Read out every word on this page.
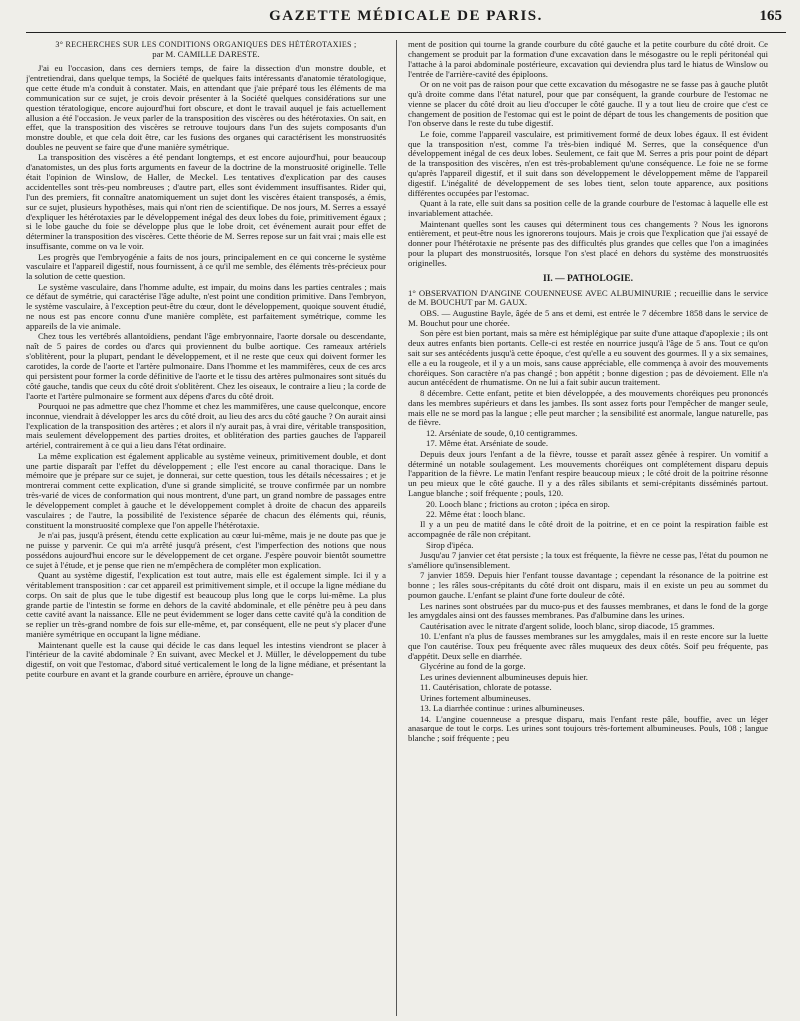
GAZETTE MÉDICALE DE PARIS.	165

3° RECHERCHES SUR LES CONDITIONS ORGANIQUES DES HÉTÉROTAXIES ;

par M. CAMILLE DARESTE.

J'ai eu l'occasion, dans ces derniers temps, de faire la dissection d'un monstre double, et j'entretiendrai, dans quelque temps, la Société de quelques faits intéressants d'anatomie tératologique, que cette étude m'a conduit à constater. Mais, en attendant que j'aie préparé tous les éléments de ma communication sur ce sujet, je crois devoir présenter à la Société quelques considérations sur une question tératologique, encore aujourd'hui fort obscure, et dont le travail auquel je fais actuellement allusion a été l'occasion. Je veux parler de la transposition des viscères ou des hétérotaxies. On sait, en effet, que la transposition des viscères se retrouve toujours dans l'un des sujets composants d'un monstre double, et que cela doit être, car les fusions des organes qui caractérisent les monstruosités doubles ne peuvent se faire que d'une manière symétrique.

La transposition des viscères a été pendant longtemps, et est encore aujourd'hui, pour beaucoup d'anatomistes, un des plus forts arguments en faveur de la doctrine de la monstruosité originelle. Telle était l'opinion de Winslow, de Haller, de Meckel. Les tentatives d'explication par des causes accidentelles sont très-peu nombreuses ; d'autre part, elles sont évidemment insuffisantes. Rider qui, l'un des premiers, fit connaître anatomiquement un sujet dont les viscères étaient transposés, a émis, sur ce sujet, plusieurs hypothèses, mais qui n'ont rien de scientifique. De nos jours, M. Serres a essayé d'expliquer les hétérotaxies par le développement inégal des deux lobes du foie, primitivement égaux ; si le lobe gauche du foie se développe plus que le lobe droit, cet événement aurait pour effet de déterminer la transposition des viscères. Cette théorie de M. Serres repose sur un fait vrai ; mais elle est insuffisante, comme on va le voir.

Les progrès que l'embryogénie a faits de nos jours, principalement en ce qui concerne le système vasculaire et l'appareil digestif, nous fournissent, à ce qu'il me semble, des éléments très-précieux pour la solution de cette question.

Le système vasculaire, dans l'homme adulte, est impair, du moins dans les parties centrales ; mais ce défaut de symétrie, qui caractérise l'âge adulte, n'est point une condition primitive. Dans l'embryon, le système vasculaire, à l'exception peut-être du cœur, dont le développement, quoique souvent étudié, ne nous est pas encore connu d'une manière complète, est parfaitement symétrique, comme les appareils de la vie animale.

Chez tous les vertébrés allantoïdiens, pendant l'âge embryonnaire, l'aorte dorsale ou descendante, naît de 5 paires de cordes ou d'arcs qui proviennent du bulbe aortique. Ces rameaux artériels s'oblitèrent, pour la plupart, pendant le développement, et il ne reste que ceux qui doivent former les carotides, la corde de l'aorte et l'artère pulmonaire. Dans l'homme et les mammifères, ceux de ces arcs qui persistent pour former la corde définitive de l'aorte et le tissu des artères pulmonaires sont situés du côté gauche, tandis que ceux du côté droit s'oblitèrent. Chez les oiseaux, le contraire a lieu ; la corde de l'aorte et l'artère pulmonaire se forment aux dépens d'arcs du côté droit.

Pourquoi ne pas admettre que chez l'homme et chez les mammifères, une cause quelconque, encore inconnue, viendrait à développer les arcs du côté droit, au lieu des arcs du côté gauche ? On aurait ainsi l'explication de la transposition des artères ; et alors il n'y aurait pas, à vrai dire, véritable transposition, mais seulement développement des parties droites, et oblitération des parties gauches de l'appareil artériel, contrairement à ce qui a lieu dans l'état ordinaire.

La même explication est également applicable au système veineux, primitivement double, et dont une partie disparaît par l'effet du développement ; elle l'est encore au canal thoracique. Dans le mémoire que je prépare sur ce sujet, je donnerai, sur cette question, tous les détails nécessaires ; et je montrerai comment cette explication, d'une si grande simplicité, se trouve confirmée par un nombre très-varié de vices de conformation qui nous montrent, d'une part, un grand nombre de passages entre le développement complet à gauche et le développement complet à droite de chacun des appareils vasculaires ; de l'autre, la possibilité de l'existence séparée de chacun des éléments qui, réunis, constituent la monstruosité complexe que l'on appelle l'hétérotaxie.

Je n'ai pas, jusqu'à présent, étendu cette explication au cœur lui-même, mais je ne doute pas que je ne puisse y parvenir. Ce qui m'a arrêté jusqu'à présent, c'est l'imperfection des notions que nous possédons aujourd'hui encore sur le développement de cet organe. J'espère pouvoir bientôt soumettre ce sujet à l'étude, et je pense que rien ne m'empêchera de compléter mon explication.

Quant au système digestif, l'explication est tout autre, mais elle est également simple. Ici il y a véritablement transposition : car cet appareil est primitivement simple, et il occupe la ligne médiane du corps. On sait de plus que le tube digestif est beaucoup plus long que le corps lui-même. La plus grande partie de l'intestin se forme en dehors de la cavité abdominale, et elle pénètre peu à peu dans cette cavité avant la naissance. Elle ne peut évidemment se loger dans cette cavité qu'à la condition de se replier un très-grand nombre de fois sur elle-même, et, par conséquent, elle ne peut s'y placer d'une manière symétrique en occupant la ligne médiane.

Maintenant quelle est la cause qui décide le cas dans lequel les intestins viendront se placer à l'intérieur de la cavité abdominale ? En suivant, avec Meckel et J. Müller, le développement du tube digestif, on voit que l'estomac, d'abord situé verticalement le long de la ligne médiane, et présentant la petite courbure en avant et la grande courbure en arrière, éprouve un change-

ment de position qui tourne la grande courbure du côté gauche et la petite courbure du côté droit. Ce changement se produit par la formation d'une excavation dans le mésogastre ou le repli péritonéal qui l'attache à la paroi abdominale postérieure, excavation qui deviendra plus tard le hiatus de Winslow ou l'entrée de l'arrière-cavité des épiploons.

Or on ne voit pas de raison pour que cette excavation du mésogastre ne se fasse pas à gauche plutôt qu'à droite comme dans l'état naturel, pour que par conséquent, la grande courbure de l'estomac ne vienne se placer du côté droit au lieu d'occuper le côté gauche. Il y a tout lieu de croire que c'est ce changement de position de l'estomac qui est le point de départ de tous les changements de position que l'on observe dans le reste du tube digestif.

Le foie, comme l'appareil vasculaire, est primitivement formé de deux lobes égaux. Il est évident que la transposition n'est, comme l'a très-bien indiqué M. Serres, que la conséquence d'un développement inégal de ces deux lobes. Seulement, ce fait que M. Serres a pris pour point de départ de la transposition des viscères, n'en est très-probablement qu'une conséquence. Le foie ne se forme qu'après l'appareil digestif, et il suit dans son développement le développement même de l'appareil digestif. L'inégalité de développement de ses lobes tient, selon toute apparence, aux positions différentes occupées par l'estomac.

Quant à la rate, elle suit dans sa position celle de la grande courbure de l'estomac à laquelle elle est invariablement attachée.

Maintenant quelles sont les causes qui déterminent tous ces changements ? Nous les ignorons entièrement, et peut-être nous les ignorerons toujours. Mais je crois que l'explication que j'ai essayé de donner pour l'hétérotaxie ne présente pas des difficultés plus grandes que celles que l'on a imaginées pour la plupart des monstruosités, lorsque l'on s'est placé en dehors du système des monstruosités originelles.

II. — PATHOLOGIE.

1° OBSERVATION D'ANGINE COUENNEUSE AVEC ALBUMINURIE ; recueillie dans le service de M. BOUCHUT par M. GAUX.

OBS. — Augustine Bayle, âgée de 5 ans et demi, est entrée le 7 décembre 1858 dans le service de M. Bouchut pour une chorée.

Son père est bien portant, mais sa mère est hémiplégique par suite d'une attaque d'apoplexie ; ils ont deux autres enfants bien portants. Celle-ci est restée en nourrice jusqu'à l'âge de 5 ans. Tout ce qu'on sait sur ses antécédents jusqu'à cette époque, c'est qu'elle a eu souvent des gourmes. Il y a six semaines, elle a eu la rougeole, et il y a un mois, sans cause appréciable, elle commença à avoir des mouvements choréiques. Son caractère n'a pas changé ; bon appétit ; bonne digestion ; pas de dévoiement. Elle n'a aucun antécédent de rhumatisme. On ne lui a fait subir aucun traitement.

8 décembre. Cette enfant, petite et bien développée, a des mouvements choréiques peu prononcés dans les membres supérieurs et dans les jambes. Ils sont assez forts pour l'empêcher de manger seule, mais elle ne se mord pas la langue ; elle peut marcher ; la sensibilité est anormale, langue naturelle, pas de fièvre.

12. Arséniate de soude, 0,10 centigrammes.

17. Même état. Arséniate de soude.

Depuis deux jours l'enfant a de la fièvre, tousse et paraît assez gênée à respirer. Un vomitif a déterminé un notable soulagement. Les mouvements choréiques ont complétement disparu depuis l'apparition de la fièvre. Le matin l'enfant respire beaucoup mieux ; le côté droit de la poitrine résonne un peu mieux que le côté gauche. Il y a des râles sibilants et semi-crépitants disséminés partout. Langue blanche ; soif fréquente ; pouls, 120.

20. Looch blanc ; frictions au croton ; ipéca en sirop.

22. Même état : looch blanc.

Il y a un peu de matité dans le côté droit de la poitrine, et en ce point la respiration faible est accompagnée de râle non crépitant.

Sirop d'ipéca.

Jusqu'au 7 janvier cet état persiste ; la toux est fréquente, la fièvre ne cesse pas, l'état du poumon ne s'améliore qu'insensiblement.

7 janvier 1859. Depuis hier l'enfant tousse davantage ; cependant la résonance de la poitrine est bonne ; les râles sous-crépitants du côté droit ont disparu, mais il en existe un peu au sommet du poumon gauche. L'enfant se plaint d'une forte douleur de côté.

Les narines sont obstruées par du muco-pus et des fausses membranes, et dans le fond de la gorge les amygdales ainsi ont des fausses membranes. Pas d'albumine dans les urines.

Cautérisation avec le nitrate d'argent solide, looch blanc, sirop diacode, 15 grammes.

10. L'enfant n'a plus de fausses membranes sur les amygdales, mais il en reste encore sur la luette que l'on cautérise. Toux peu fréquente avec râles muqueux des deux côtés. Soif peu fréquente, pas d'appétit. Deux selle en diarrhée.

Glycérine au fond de la gorge.

Les urines deviennent albumineuses depuis hier.

11. Cautérisation, chlorate de potasse.

Urines fortement albumineuses.

13. La diarrhée continue : urines albumineuses.

14. L'angine couenneuse a presque disparu, mais l'enfant reste pâle, bouffie, avec un léger anasarque de tout le corps. Les urines sont toujours très-fortement albumineuses. Pouls, 108 ; langue blanche ; soif fréquente ; peu
